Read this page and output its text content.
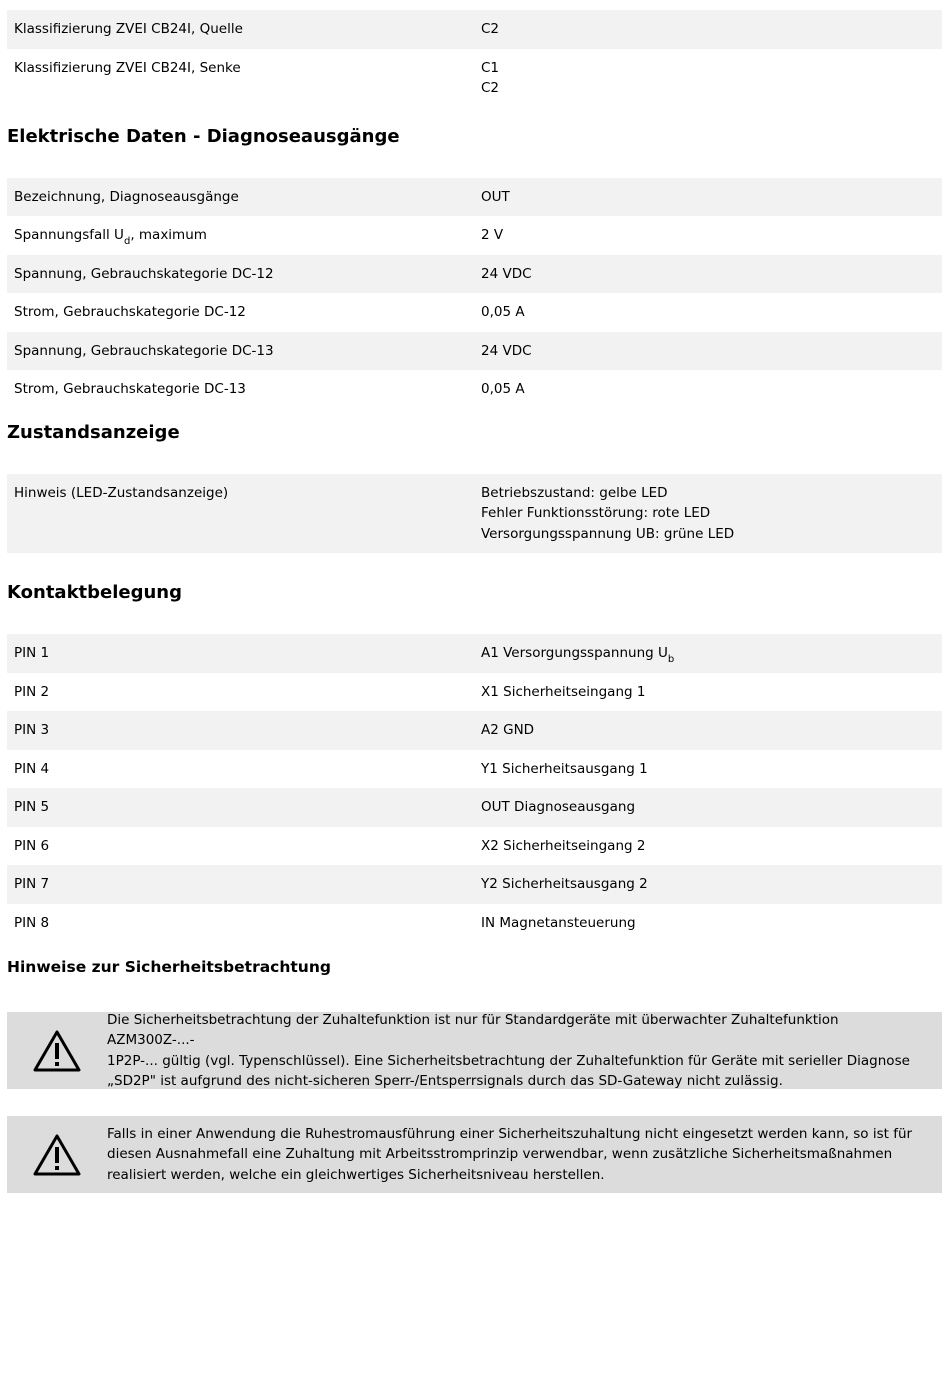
Klassifizierung ZVEI CB24I, Quelle	C2
Klassifizierung ZVEI CB24I, Senke	C1
C2
Elektrische Daten - Diagnoseausgänge
Bezeichnung, Diagnoseausgänge	OUT
Spannungsfall $U_d$, maximum	2 V
Spannung, Gebrauchskategorie DC-12	24 VDC
Strom, Gebrauchskategorie DC-12	0,05 A
Spannung, Gebrauchskategorie DC-13	24 VDC
Strom, Gebrauchskategorie DC-13	0,05 A
Zustandsanzeige
Hinweis (LED-Zustandsanzeige)	Betriebszustand: gelbe LED
Fehler Funktionsstörung: rote LED
Versorgungsspannung UB: grüne LED
Kontaktbelegung
PIN 1	A1 Versorgungsspannung $U_b$
PIN 2	X1 Sicherheitseingang 1
PIN 3	A2 GND
PIN 4	Y1 Sicherheitsausgang 1
PIN 5	OUT Diagnoseausgang
PIN 6	X2 Sicherheitseingang 2
PIN 7	Y2 Sicherheitsausgang 2
PIN 8	IN Magnetansteuerung
Hinweise zur Sicherheitsbetrachtung
Die Sicherheitsbetrachtung der Zuhaltefunktion ist nur für Standardgeräte mit überwachter Zuhaltefunktion AZM300Z-...-
1P2P-... gültig (vgl. Typenschlüssel). Eine Sicherheitsbetrachtung der Zuhaltefunktion für Geräte mit serieller Diagnose
„SD2P" ist aufgrund des nicht-sicheren Sperr-/Entsperrsignals durch das SD-Gateway nicht zulässig.
Falls in einer Anwendung die Ruhestromausführung einer Sicherheitszuhaltung nicht eingesetzt werden kann, so ist für
diesen Ausnahmefall eine Zuhaltung mit Arbeitsstromprinzip verwendbar, wenn zusätzliche Sicherheitsmaßnahmen
realisiert werden, welche ein gleichwertiges Sicherheitsniveau herstellen.
